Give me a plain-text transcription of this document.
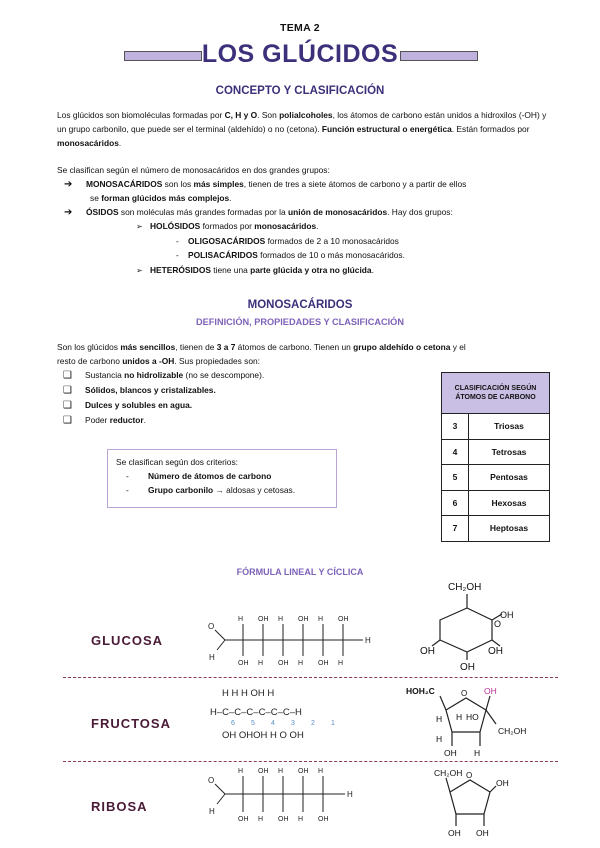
TEMA 2
LOS GLÚCIDOS
CONCEPTO Y CLASIFICACIÓN
Los glúcidos son biomoléculas formadas por C, H y O. Son polialcoholes, los átomos de carbono están unidos a hidroxilos (-OH) y un grupo carbonilo, que puede ser el terminal (aldehído) o no (cetona). Función estructural o energética. Están formados por monosacáridos.
Se clasifican según el número de monosacáridos en dos grandes grupos:
➔ MONOSACÁRIDOS son los más simples, tienen de tres a siete átomos de carbono y a partir de ellos
se forman glúcidos más complejos.
➔ ÓSIDOS son moléculas más grandes formadas por la unión de monosacáridos. Hay dos grupos:
➢ HOLÓSIDOS formados por monosacáridos.
- OLIGOSACÁRIDOS formados de 2 a 10 monosacáridos
- POLISACÁRIDOS formados de 10 o más monosacáridos.
➢ HETERÓSIDOS tiene una parte glúcida y otra no glúcida.
MONOSACÁRIDOS
DEFINICIÓN, PROPIEDADES Y CLASIFICACIÓN
Son los glúcidos más sencillos, tienen de 3 a 7 átomos de carbono. Tienen un grupo aldehído o cetona y el
resto de carbono unidos a -OH. Sus propiedades son:
❑ Sustancia no hidrolizable (no se descompone).
❑ Sólidos, blancos y cristalizables.
❑ Dulces y solubles en agua.
❑ Poder reductor.
Se clasifican según dos criterios:
- Número de átomos de carbono
- Grupo carbonilo → aldosas y cetosas.
CLASIFICACIÓN SEGÚN ÁTOMOS DE CARBONO	
3	Triosas
4	Tetrosas
5	Pentosas
6	Hexosas
7	Heptosas
FÓRMULA LINEAL Y CÍCLICA
GLUCOSA
FRUCTOSA
RIBOSA
O
H
H
H
OH
OH
H
H
OH
OH
H
H
OH
OH
H
CH₂OH
O
OH	OH
OH
OH
H H H OH H
H–C–C–C–C–C–C–H
OH OHOH H O OH
6 5 4 3 2 1
HOH₂C	O OH
H H HO
CH₂OH
H
OH H
O
H
H
H
OH
OH
H
H
OH
OH
H
H
OH
CH₂OH O
OH
OH OH
